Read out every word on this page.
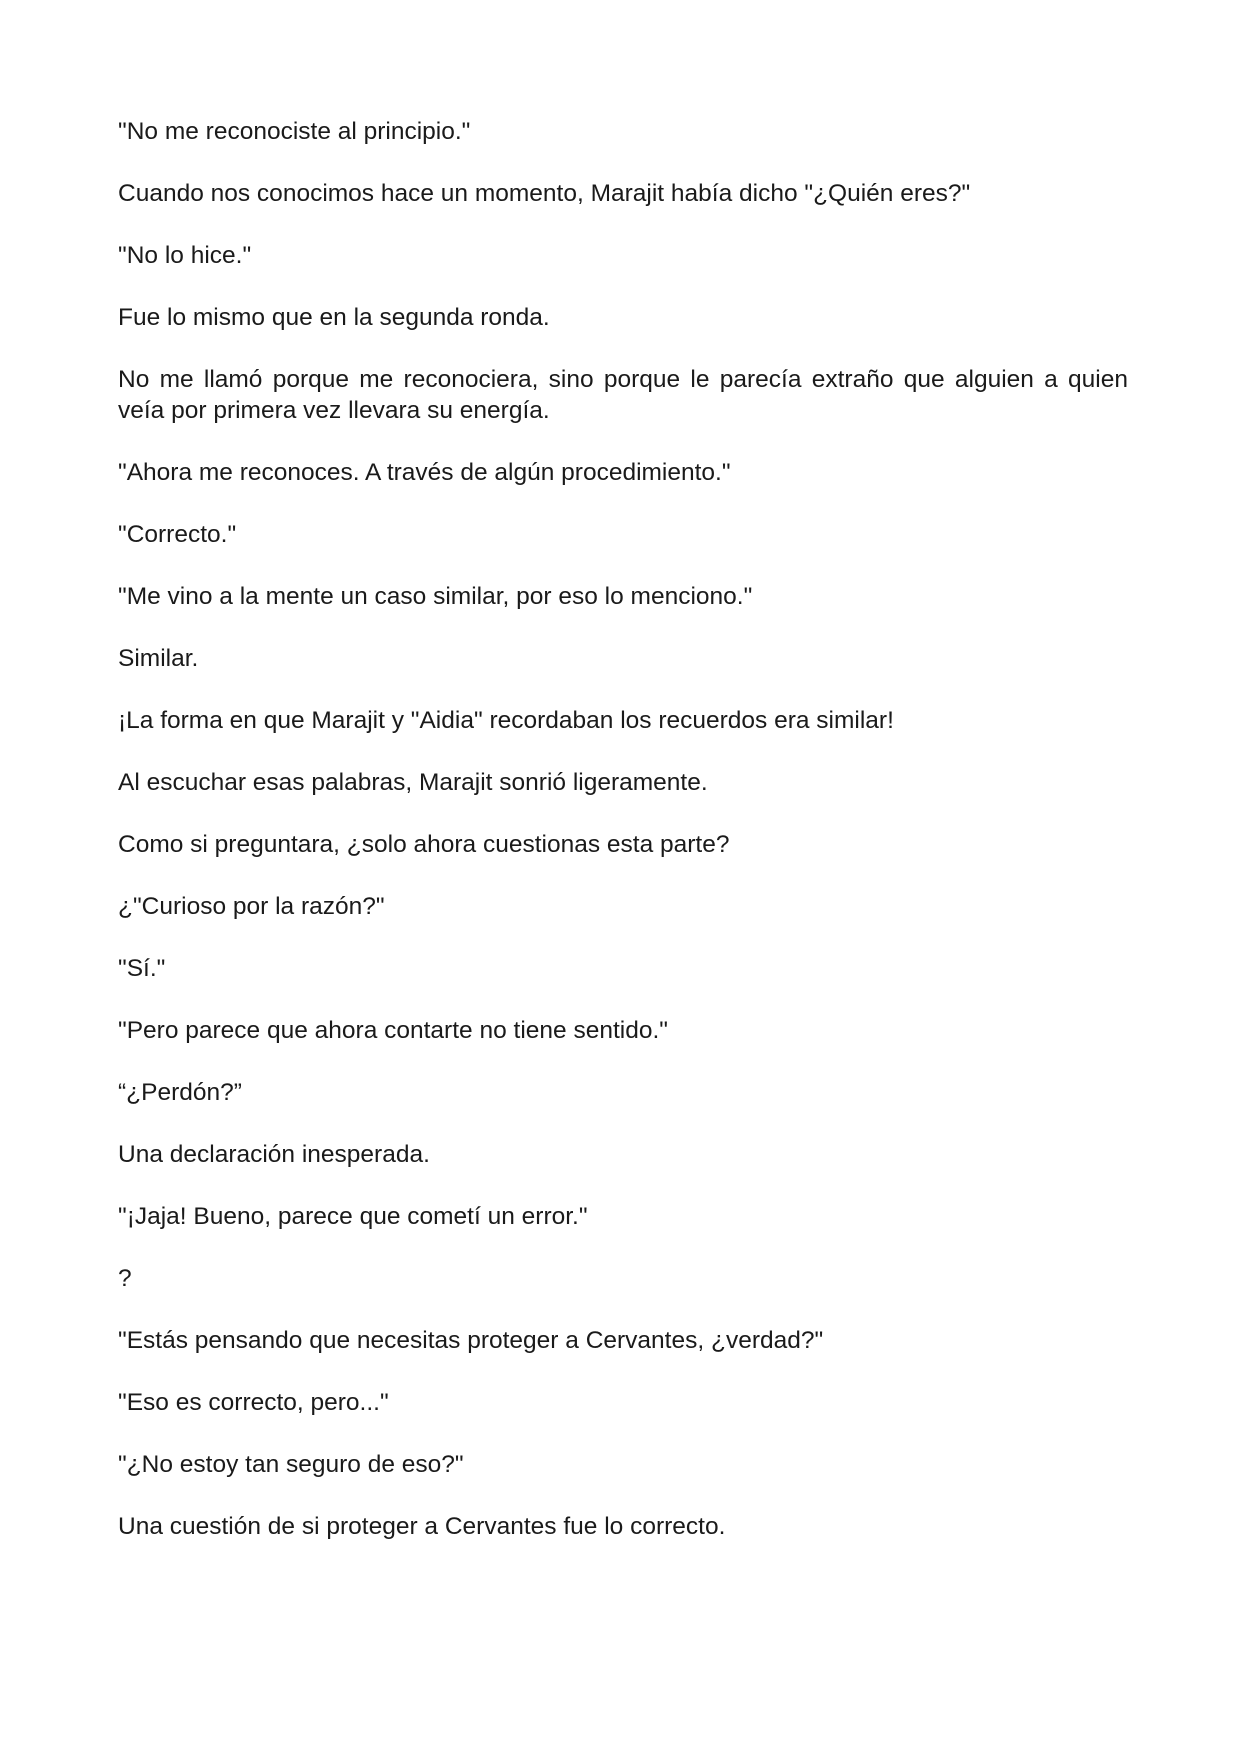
"No me reconociste al principio."

Cuando nos conocimos hace un momento, Marajit había dicho "¿Quién eres?"

"No lo hice."

Fue lo mismo que en la segunda ronda.

No me llamó porque me reconociera, sino porque le parecía extraño que alguien a quien veía por primera vez llevara su energía.

"Ahora me reconoces. A través de algún procedimiento."

"Correcto."

"Me vino a la mente un caso similar, por eso lo menciono."

Similar.

¡La forma en que Marajit y "Aidia" recordaban los recuerdos era similar!

Al escuchar esas palabras, Marajit sonrió ligeramente.

Como si preguntara, ¿solo ahora cuestionas esta parte?

¿"Curioso por la razón?"

"Sí."

"Pero parece que ahora contarte no tiene sentido."

“¿Perdón?”

Una declaración inesperada.

"¡Jaja! Bueno, parece que cometí un error."

?

"Estás pensando que necesitas proteger a Cervantes, ¿verdad?"

"Eso es correcto, pero..."

"¿No estoy tan seguro de eso?"

Una cuestión de si proteger a Cervantes fue lo correcto.
